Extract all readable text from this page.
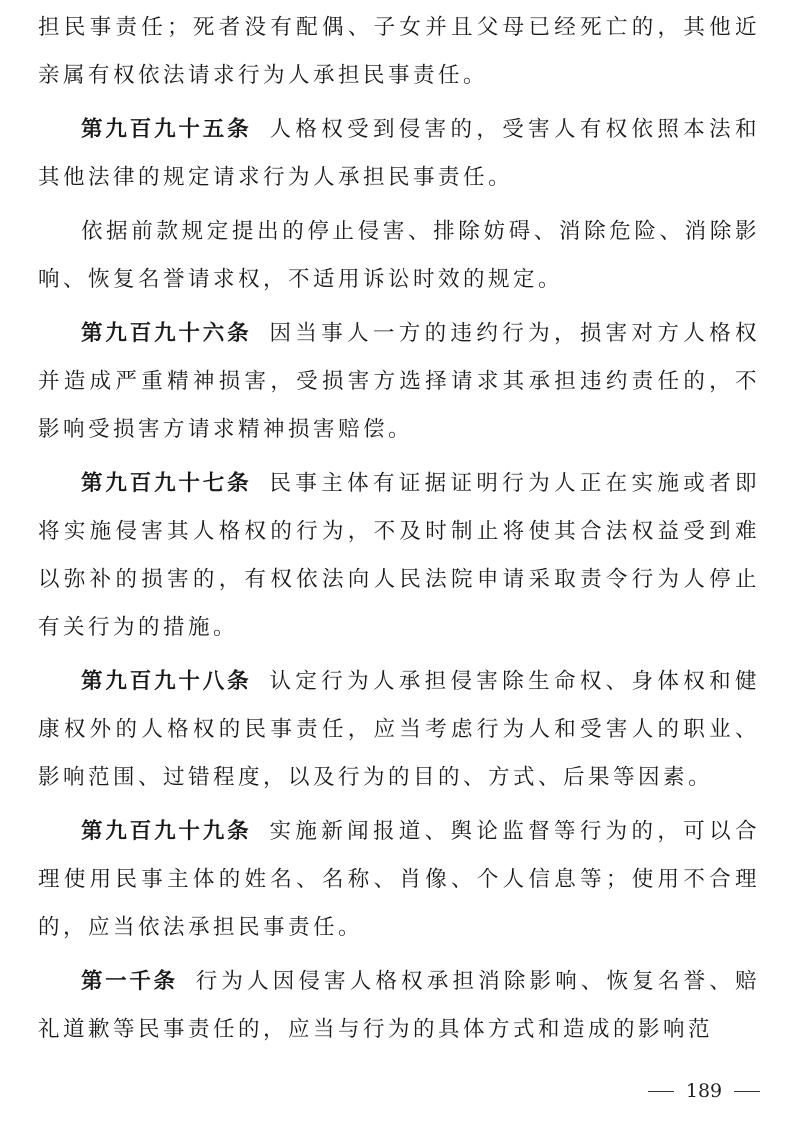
担民事责任；死者没有配偶、子女并且父母已经死亡的，其他近亲属有权依法请求行为人承担民事责任。

第九百九十五条 人格权受到侵害的，受害人有权依照本法和其他法律的规定请求行为人承担民事责任。

依据前款规定提出的停止侵害、排除妨碍、消除危险、消除影响、恢复名誉请求权，不适用诉讼时效的规定。

第九百九十六条 因当事人一方的违约行为，损害对方人格权并造成严重精神损害，受损害方选择请求其承担违约责任的，不影响受损害方请求精神损害赔偿。

第九百九十七条 民事主体有证据证明行为人正在实施或者即将实施侵害其人格权的行为，不及时制止将使其合法权益受到难以弥补的损害的，有权依法向人民法院申请采取责令行为人停止有关行为的措施。

第九百九十八条 认定行为人承担侵害除生命权、身体权和健康权外的人格权的民事责任，应当考虑行为人和受害人的职业、影响范围、过错程度，以及行为的目的、方式、后果等因素。

第九百九十九条 实施新闻报道、舆论监督等行为的，可以合理使用民事主体的姓名、名称、肖像、个人信息等；使用不合理的，应当依法承担民事责任。

第一千条 行为人因侵害人格权承担消除影响、恢复名誉、赔礼道歉等民事责任的，应当与行为的具体方式和造成的影响范

189
